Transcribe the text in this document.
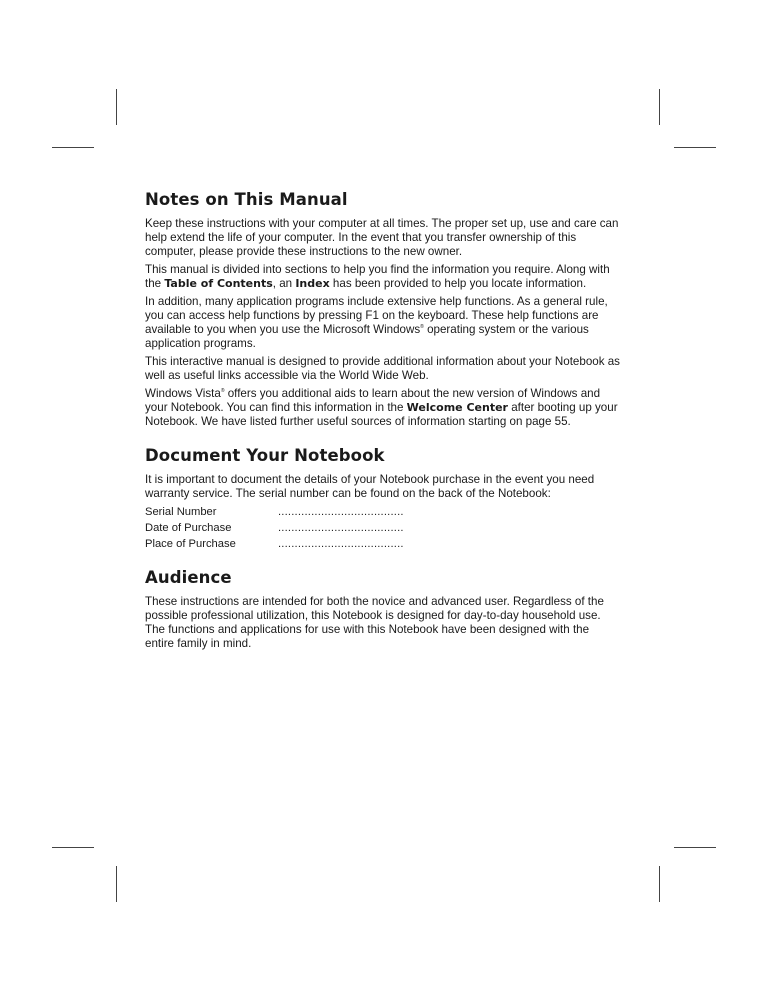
Notes on This Manual

Keep these instructions with your computer at all times. The proper set up, use and care can help extend the life of your computer. In the event that you transfer ownership of this computer, please provide these instructions to the new owner.

This manual is divided into sections to help you find the information you require. Along with the Table of Contents, an Index has been provided to help you locate information.

In addition, many application programs include extensive help functions. As a general rule, you can access help functions by pressing F1 on the keyboard. These help functions are available to you when you use the Microsoft Windows® operating system or the various application programs.

This interactive manual is designed to provide additional information about your Notebook as well as useful links accessible via the World Wide Web.

Windows Vista® offers you additional aids to learn about the new version of Windows and your Notebook. You can find this information in the Welcome Center after booting up your Notebook. We have listed further useful sources of information starting on page 55.

Document Your Notebook

It is important to document the details of your Notebook purchase in the event you need warranty service. The serial number can be found on the back of the Notebook:

Serial Number	......................................
Date of Purchase	......................................
Place of Purchase	......................................
Audience

These instructions are intended for both the novice and advanced user. Regardless of the possible professional utilization, this Notebook is designed for day-to-day household use. The functions and applications for use with this Notebook have been designed with the entire family in mind.
